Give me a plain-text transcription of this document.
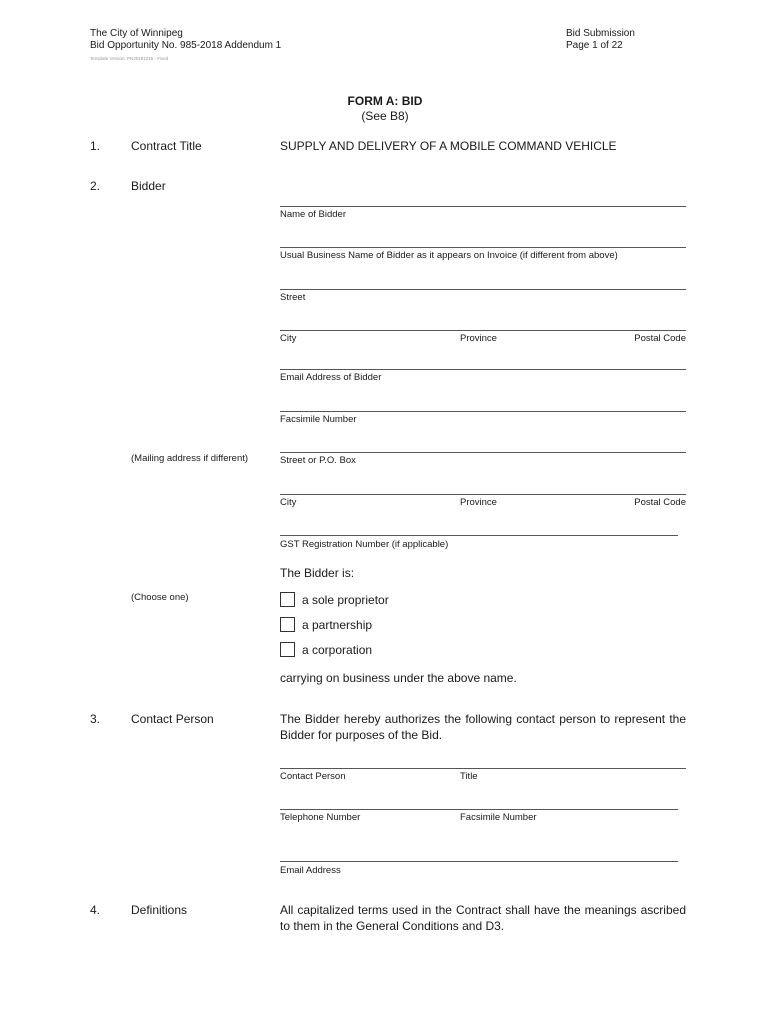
The City of Winnipeg
Bid Opportunity No. 985-2018 Addendum 1
Template Version: PN20181015 - Fixed
Bid Submission
Page 1 of 22
FORM A: BID
(See B8)
1.	Contract Title	SUPPLY AND DELIVERY OF A MOBILE COMMAND VEHICLE
2.	Bidder
Name of Bidder
Usual Business Name of Bidder as it appears on Invoice (if different from above)
Street
City	Province	Postal Code
Email Address of Bidder
Facsimile Number
(Mailing address if different)	Street or P.O. Box
City	Province	Postal Code
GST Registration Number (if applicable)
The Bidder is:
(Choose one)	a sole proprietor
a partnership
a corporation
carrying on business under the above name.
3.	Contact Person	The Bidder hereby authorizes the following contact person to represent the Bidder for purposes of the Bid.
Contact Person	Title
Telephone Number	Facsimile Number
Email Address
4.	Definitions	All capitalized terms used in the Contract shall have the meanings ascribed to them in the General Conditions and D3.
